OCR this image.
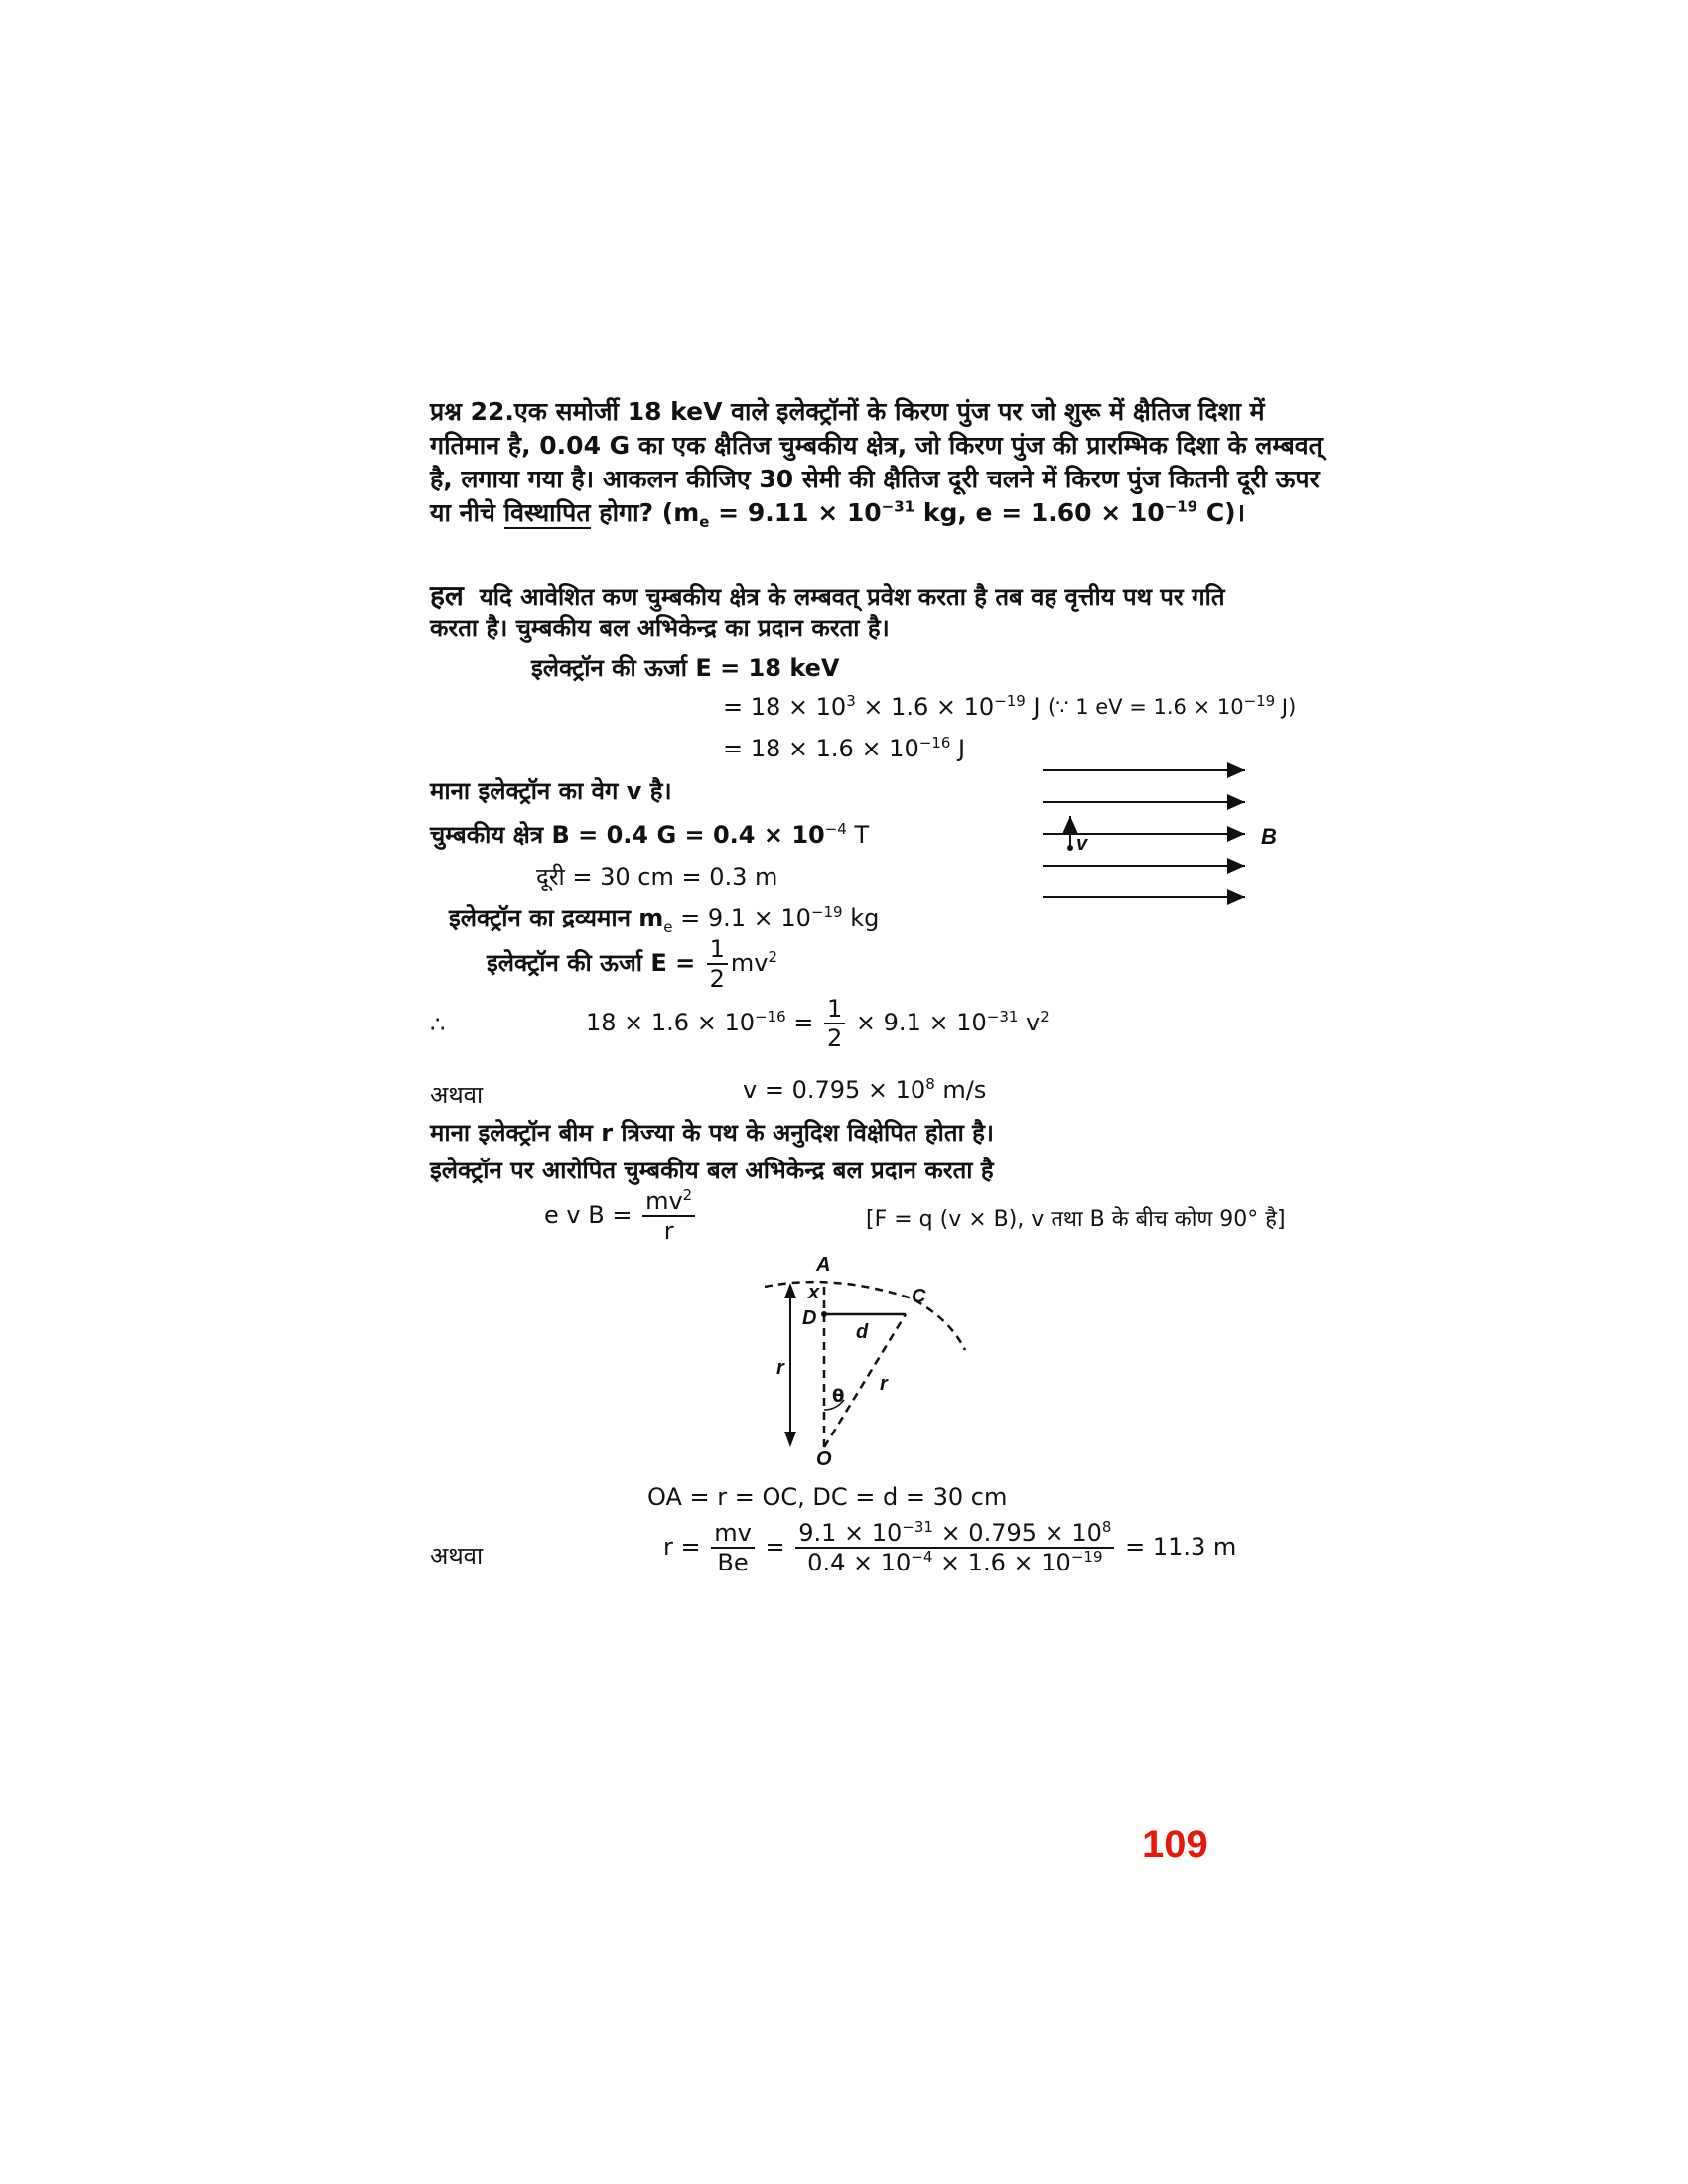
प्रश्न 22.एक समोर्जी 18 keV वाले इलेक्ट्रॉनों के किरण पुंज पर जो शुरू में क्षैतिज दिशा में
गतिमान है, 0.04 G का एक क्षैतिज चुम्बकीय क्षेत्र, जो किरण पुंज की प्रारम्भिक दिशा के लम्बवत्
है, लगाया गया है। आकलन कीजिए 30 सेमी की क्षैतिज दूरी चलने में किरण पुंज कितनी दूरी ऊपर
या नीचे विस्थापित होगा? ($m_e = 9.11 \times 10^{-31}$ kg, $e = 1.60 \times 10^{-19}$ C)।
हल यदि आवेशित कण चुम्बकीय क्षेत्र के लम्बवत् प्रवेश करता है तब वह वृत्तीय पथ पर गति
करता है। चुम्बकीय बल अभिकेन्द्र का प्रदान करता है।
इलेक्ट्रॉन की ऊर्जा E = 18 keV
= $18 \times 10^3 \times 1.6 \times 10^{-19}$ J (∵ 1 eV = $1.6 \times 10^{-19}$ J)
= $18 \times 1.6 \times 10^{-16}$ J
माना इलेक्ट्रॉन का वेग v है।
चुम्बकीय क्षेत्र B = 0.4 $G = 0.4 \times 10^{-4}$ T
दूरी = 30 cm = 0.3 m
इलेक्ट्रॉन का द्रव्यमान $m_e = 9.1 \times 10^{-19}$ kg
इलेक्ट्रॉन की ऊर्जा $E = \frac{1}{2} mv^2$
∴	$18 \times 1.6 \times 10^{-16} = \frac{1}{2} \times 9.1 \times 10^{-31}$ $v^2$
अथवा	$v = 0.795 \times 10^8$ m/s
माना इलेक्ट्रॉन बीम r त्रिज्या के पथ के अनुदिश विक्षेपित होता है।
इलेक्ट्रॉन पर आरोपित चुम्बकीय बल अभिकेन्द्र बल प्रदान करता है
e v $B = \frac{mv^2}{r}$	[F = q (v × B), v तथा B के बीच कोण 90° है]
v	B
A
x
D
C
d
r
r
θ
O
OA = r = OC, DC = d = 30 cm
अथवा	$r = \frac{mv}{Be} = \frac{9.1 \times 10^{-31} \times 0.795 \times 10^8}{0.4 \times 10^{-4} \times 1.6 \times 10^{-19}} = 11.3$ m
109
